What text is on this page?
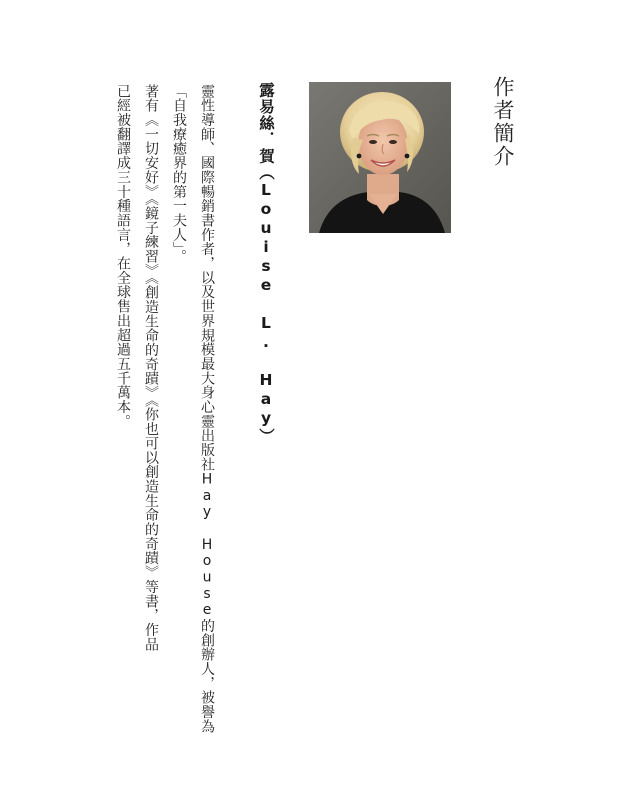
作者簡介
露易絲．賀（Louise L. Hay）
靈性導師、國際暢銷書作者，以及世界規模最大身心靈出版社Hay House的創辦人，被譽為
「自我療癒界的第一夫人」。
著有《一切安好》《鏡子練習》《創造生命的奇蹟》《你也可以創造生命的奇蹟》等書，作品
已經被翻譯成三十種語言，在全球售出超過五千萬本。
